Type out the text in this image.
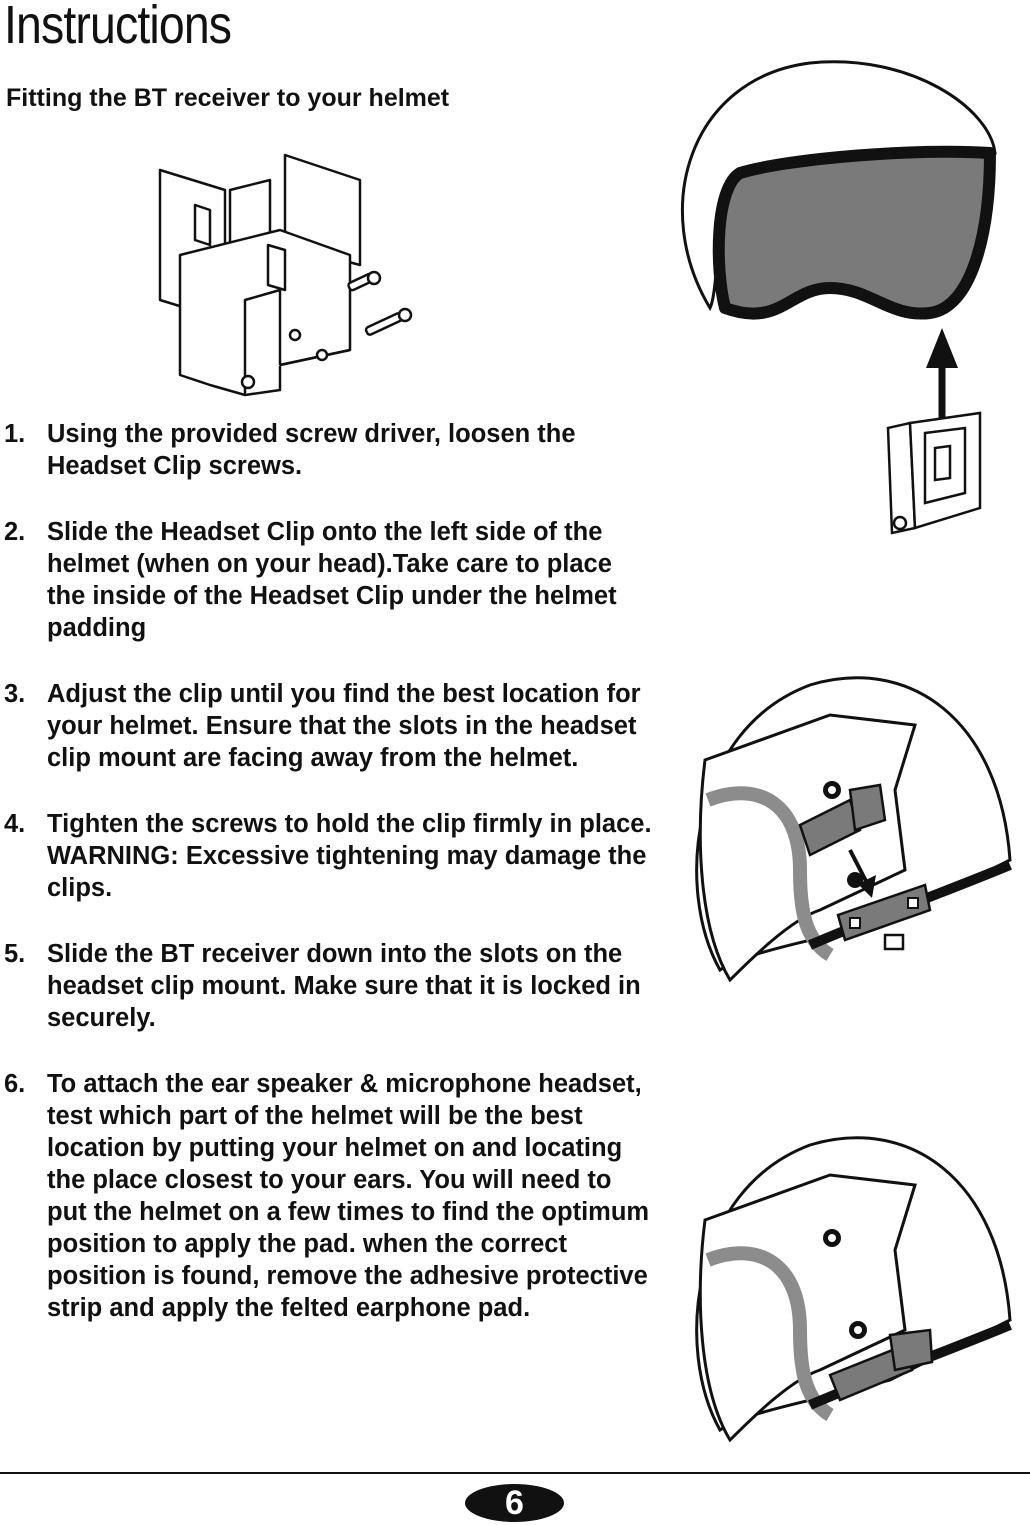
Instructions
Fitting the BT receiver to your helmet
1. Using the provided screw driver, loosen the Headset Clip screws.
2. Slide the Headset Clip onto the left side of the helmet (when on your head).Take care to place the inside of the Headset Clip under the helmet padding
3. Adjust the clip until you find the best location for your helmet. Ensure that the slots in the headset clip mount are facing away from the helmet.
4. Tighten the screws to hold the clip firmly in place. WARNING: Excessive tightening may damage the clips.
5. Slide the BT receiver down into the slots on the headset clip mount. Make sure that it is locked in securely.
6. To attach the ear speaker & microphone headset, test which part of the helmet will be the best location by putting your helmet on and locating the place closest to your ears. You will need to put the helmet on a few times to find the optimum position to apply the pad. when the correct position is found, remove the adhesive protective strip and apply the felted earphone pad.
6
